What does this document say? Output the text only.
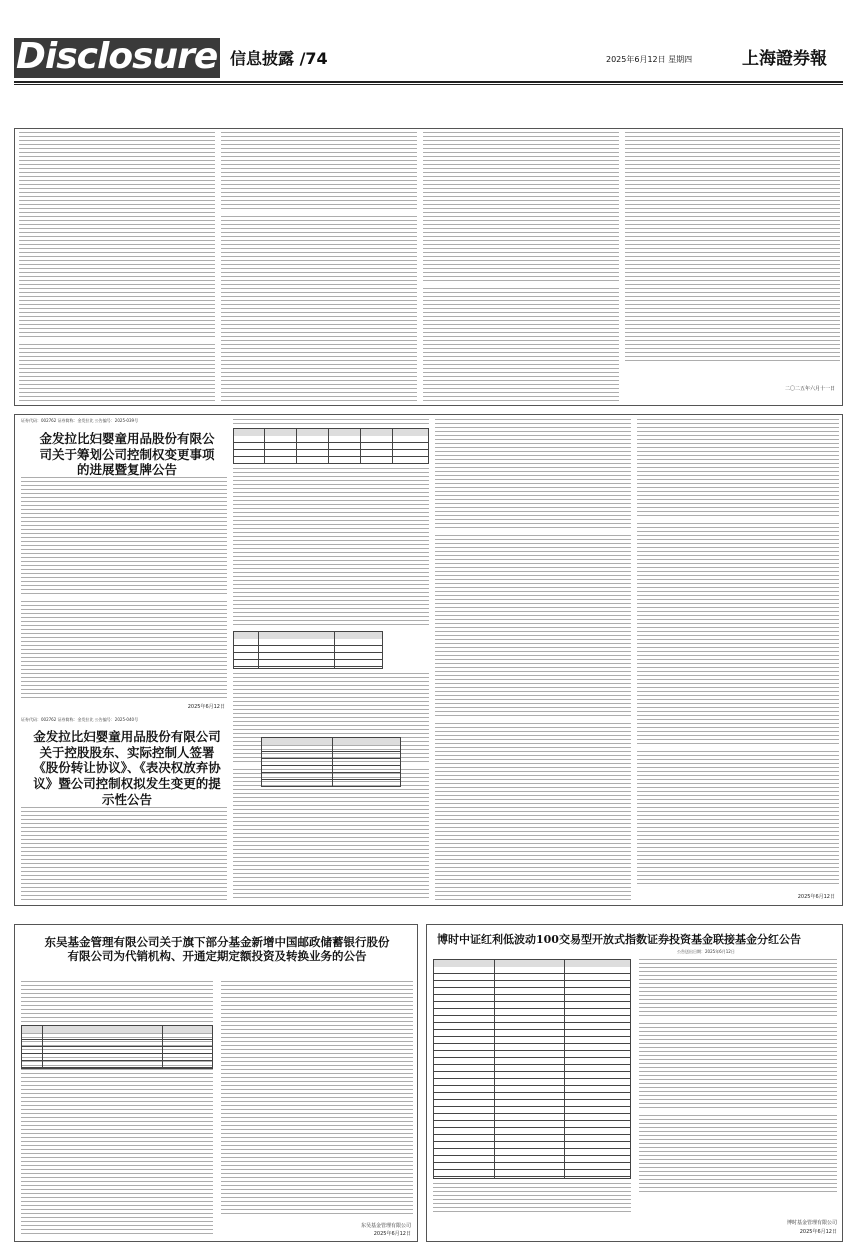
Disclosure 信息披露 /74	2025年6月12日 星期四	上海證券報
二〇二五年六月十一日
证券代码：002762 证券简称：金发拉比 公告编号：2025-039号
金发拉比妇婴童用品股份有限公司关于筹划公司控制权变更事项的进展暨复牌公告
2025年6月12日
证券代码：002762 证券简称：金发拉比 公告编号：2025-040号
金发拉比妇婴童用品股份有限公司关于控股股东、实际控制人签署《股份转让协议》、《表决权放弃协议》暨公司控制权拟发生变更的提示性公告
2025年6月12日
东吴基金管理有限公司关于旗下部分基金新增中国邮政储蓄银行股份有限公司为代销机构、开通定期定额投资及转换业务的公告
东吴基金管理有限公司
2025年6月12日
博时中证红利低波动100交易型开放式指数证券投资基金联接基金分红公告
公告送出日期：2025年6月12日
博时基金管理有限公司
2025年6月12日
